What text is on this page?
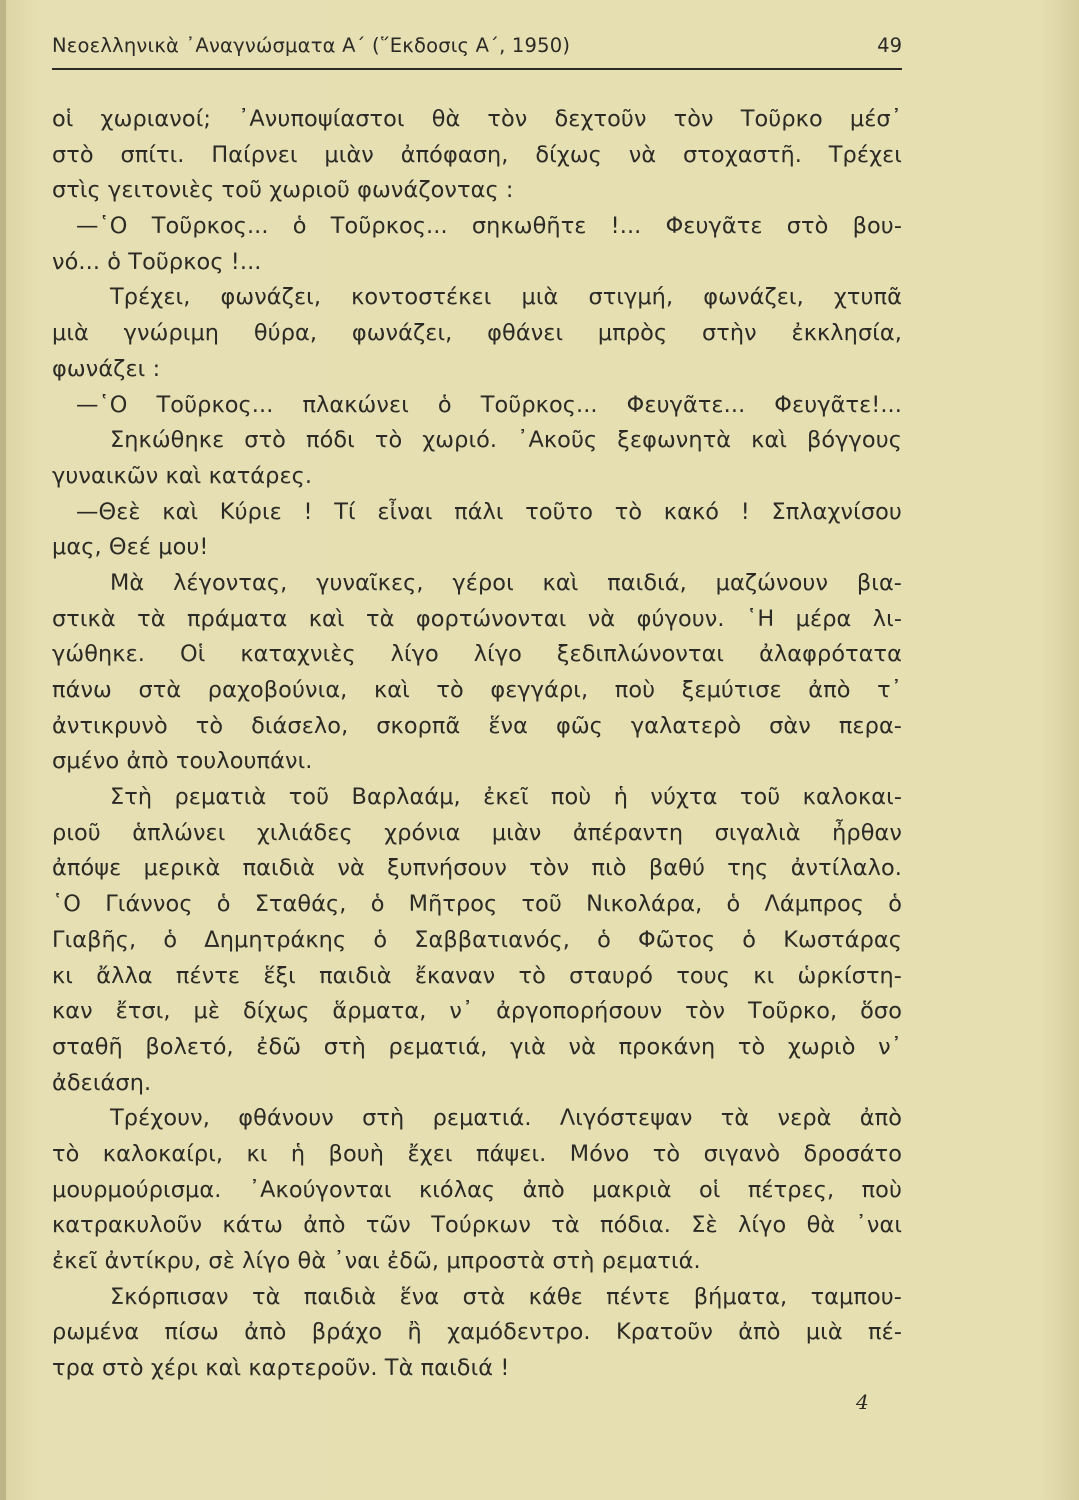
Νεοελληνικὰ ᾽Αναγνώσματα Α΄ (῞Εκδοσις Α΄, 1950)	49
οἱ χωριανοί; ᾽Ανυποψίαστοι θὰ τὸν δεχτοῦν τὸν Τοῦρκο μέσ᾽
στὸ σπίτι. Παίρνει μιὰν ἀπόφαση, δίχως νὰ στοχαστῆ. Τρέχει
στὶς γειτονιὲς τοῦ χωριοῦ φωνάζοντας :
—῾Ο Τοῦρκος... ὁ Τοῦρκος... σηκωθῆτε !... Φευγᾶτε στὸ βου-
νό... ὁ Τοῦρκος !...
Τρέχει, φωνάζει, κοντοστέκει μιὰ στιγμή, φωνάζει, χτυπᾶ
μιὰ γνώριμη θύρα, φωνάζει, φθάνει μπρὸς στὴν ἐκκλησία,
φωνάζει :
—῾Ο Τοῦρκος... πλακώνει ὁ Τοῦρκος... Φευγᾶτε... Φευγᾶτε!...
Σηκώθηκε στὸ πόδι τὸ χωριό. ᾽Ακοῦς ξεφωνητὰ καὶ βόγγους
γυναικῶν καὶ κατάρες.
—Θεὲ καὶ Κύριε ! Τί εἶναι πάλι τοῦτο τὸ κακό ! Σπλαχνίσου
μας, Θεέ μου!
Μὰ λέγοντας, γυναῖκες, γέροι καὶ παιδιά, μαζώνουν βια-
στικὰ τὰ πράματα καὶ τὰ φορτώνονται νὰ φύγουν. ῾Η μέρα λι-
γώθηκε. Οἱ καταχνιὲς λίγο λίγο ξεδιπλώνονται ἀλαφρότατα
πάνω στὰ ραχοβούνια, καὶ τὸ φεγγάρι, ποὺ ξεμύτισε ἀπὸ τ᾽
ἀντικρυνὸ τὸ διάσελο, σκορπᾶ ἕνα φῶς γαλατερὸ σὰν περα-
σμένο ἀπὸ τουλουπάνι.
Στὴ ρεματιὰ τοῦ Βαρλαάμ, ἐκεῖ ποὺ ἡ νύχτα τοῦ καλοκαι-
ριοῦ ἁπλώνει χιλιάδες χρόνια μιὰν ἀπέραντη σιγαλιὰ ἦρθαν
ἀπόψε μερικὰ παιδιὰ νὰ ξυπνήσουν τὸν πιὸ βαθύ της ἀντίλαλο.
῾Ο Γιάννος ὁ Σταθάς, ὁ Μῆτρος τοῦ Νικολάρα, ὁ Λάμπρος ὁ
Γιαβῆς, ὁ Δημητράκης ὁ Σαββατιανός, ὁ Φῶτος ὁ Κωστάρας
κι ἄλλα πέντε ἕξι παιδιὰ ἔκαναν τὸ σταυρό τους κι ὡρκίστη-
καν ἔτσι, μὲ δίχως ἅρματα, ν᾽ ἀργοπορήσουν τὸν Τοῦρκο, ὅσο
σταθῆ βολετό, ἐδῶ στὴ ρεματιά, γιὰ νὰ προκάνη τὸ χωριὸ ν᾽
ἀδειάση.
Τρέχουν, φθάνουν στὴ ρεματιά. Λιγόστεψαν τὰ νερὰ ἀπὸ
τὸ καλοκαίρι, κι ἡ βουὴ ἔχει πάψει. Μόνο τὸ σιγανὸ δροσάτο
μουρμούρισμα. ᾽Ακούγονται κιόλας ἀπὸ μακριὰ οἱ πέτρες, ποὺ
κατρακυλοῦν κάτω ἀπὸ τῶν Τούρκων τὰ πόδια. Σὲ λίγο θὰ ᾽ναι
ἐκεῖ ἀντίκρυ, σὲ λίγο θὰ ᾽ναι ἐδῶ, μπροστὰ στὴ ρεματιά.
Σκόρπισαν τὰ παιδιὰ ἕνα στὰ κάθε πέντε βήματα, ταμπου-
ρωμένα πίσω ἀπὸ βράχο ἢ χαμόδεντρο. Κρατοῦν ἀπὸ μιὰ πέ-
τρα στὸ χέρι καὶ καρτεροῦν. Τὰ παιδιά !
4
